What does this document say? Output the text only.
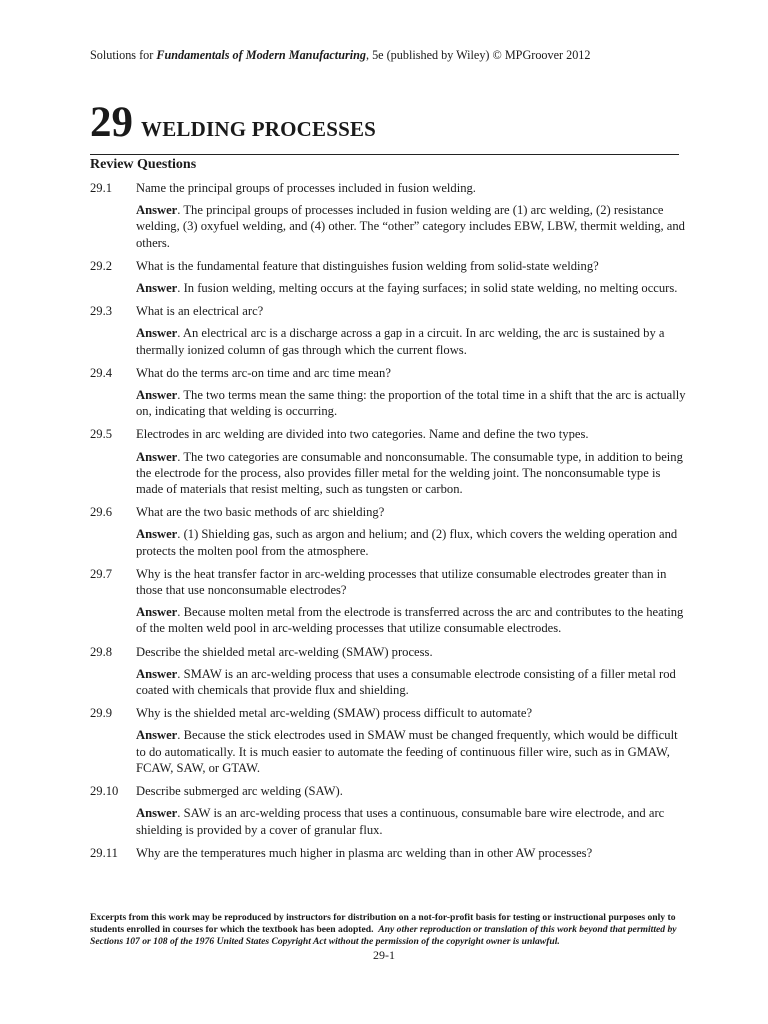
Solutions for Fundamentals of Modern Manufacturing, 5e (published by Wiley) © MPGroover 2012
29 WELDING PROCESSES
Review Questions
29.1 Name the principal groups of processes included in fusion welding.
Answer. The principal groups of processes included in fusion welding are (1) arc welding, (2) resistance welding, (3) oxyfuel welding, and (4) other. The “other” category includes EBW, LBW, thermit welding, and others.
29.2 What is the fundamental feature that distinguishes fusion welding from solid-state welding?
Answer. In fusion welding, melting occurs at the faying surfaces; in solid state welding, no melting occurs.
29.3 What is an electrical arc?
Answer. An electrical arc is a discharge across a gap in a circuit. In arc welding, the arc is sustained by a thermally ionized column of gas through which the current flows.
29.4 What do the terms arc-on time and arc time mean?
Answer. The two terms mean the same thing: the proportion of the total time in a shift that the arc is actually on, indicating that welding is occurring.
29.5 Electrodes in arc welding are divided into two categories. Name and define the two types.
Answer. The two categories are consumable and nonconsumable. The consumable type, in addition to being the electrode for the process, also provides filler metal for the welding joint. The nonconsumable type is made of materials that resist melting, such as tungsten or carbon.
29.6 What are the two basic methods of arc shielding?
Answer. (1) Shielding gas, such as argon and helium; and (2) flux, which covers the welding operation and protects the molten pool from the atmosphere.
29.7 Why is the heat transfer factor in arc-welding processes that utilize consumable electrodes greater than in those that use nonconsumable electrodes?
Answer. Because molten metal from the electrode is transferred across the arc and contributes to the heating of the molten weld pool in arc-welding processes that utilize consumable electrodes.
29.8 Describe the shielded metal arc-welding (SMAW) process.
Answer. SMAW is an arc-welding process that uses a consumable electrode consisting of a filler metal rod coated with chemicals that provide flux and shielding.
29.9 Why is the shielded metal arc-welding (SMAW) process difficult to automate?
Answer. Because the stick electrodes used in SMAW must be changed frequently, which would be difficult to do automatically. It is much easier to automate the feeding of continuous filler wire, such as in GMAW, FCAW, SAW, or GTAW.
29.10 Describe submerged arc welding (SAW).
Answer. SAW is an arc-welding process that uses a continuous, consumable bare wire electrode, and arc shielding is provided by a cover of granular flux.
29.11 Why are the temperatures much higher in plasma arc welding than in other AW processes?
Excerpts from this work may be reproduced by instructors for distribution on a not-for-profit basis for testing or instructional purposes only to students enrolled in courses for which the textbook has been adopted. Any other reproduction or translation of this work beyond that permitted by Sections 107 or 108 of the 1976 United States Copyright Act without the permission of the copyright owner is unlawful.
29-1
